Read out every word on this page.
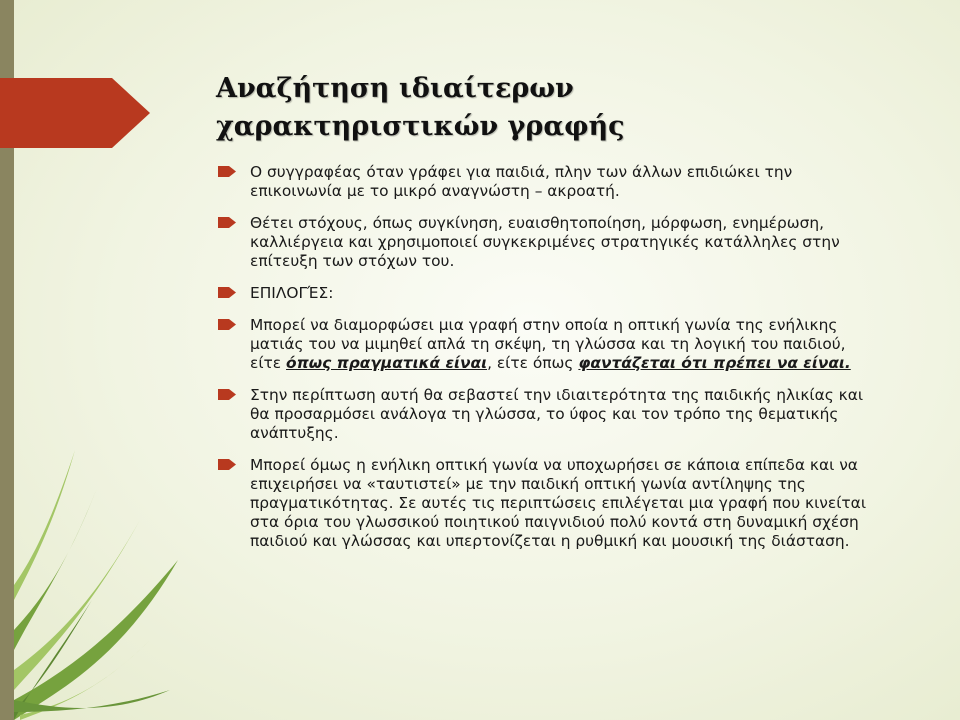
Αναζήτηση ιδιαίτερων χαρακτηριστικών γραφής
Ο συγγραφέας όταν γράφει για παιδιά, πλην των άλλων επιδιώκει την επικοινωνία με το μικρό αναγνώστη – ακροατή.
Θέτει στόχους, όπως συγκίνηση, ευαισθητοποίηση, μόρφωση, ενημέρωση, καλλιέργεια και χρησιμοποιεί συγκεκριμένες στρατηγικές κατάλληλες στην επίτευξη των στόχων του.
ΕΠΙΛΟΓΈΣ:
Μπορεί να διαμορφώσει μια γραφή στην οποία η οπτική γωνία της ενήλικης ματιάς του να μιμηθεί απλά τη σκέψη, τη γλώσσα και τη λογική του παιδιού, είτε όπως πραγματικά είναι, είτε όπως φαντάζεται ότι πρέπει να είναι.
Στην περίπτωση αυτή θα σεβαστεί την ιδιαιτερότητα της παιδικής ηλικίας και θα προσαρμόσει ανάλογα τη γλώσσα, το ύφος και τον τρόπο της θεματικής ανάπτυξης.
Μπορεί όμως η ενήλικη οπτική γωνία να υποχωρήσει σε κάποια επίπεδα και να επιχειρήσει να «ταυτιστεί» με την παιδική οπτική γωνία αντίληψης της πραγματικότητας. Σε αυτές τις περιπτώσεις επιλέγεται μια γραφή που κινείται στα όρια του γλωσσικού ποιητικού παιγνιδιού πολύ κοντά στη δυναμική σχέση παιδιού και γλώσσας και υπερτονίζεται η ρυθμική και μουσική της διάσταση.
